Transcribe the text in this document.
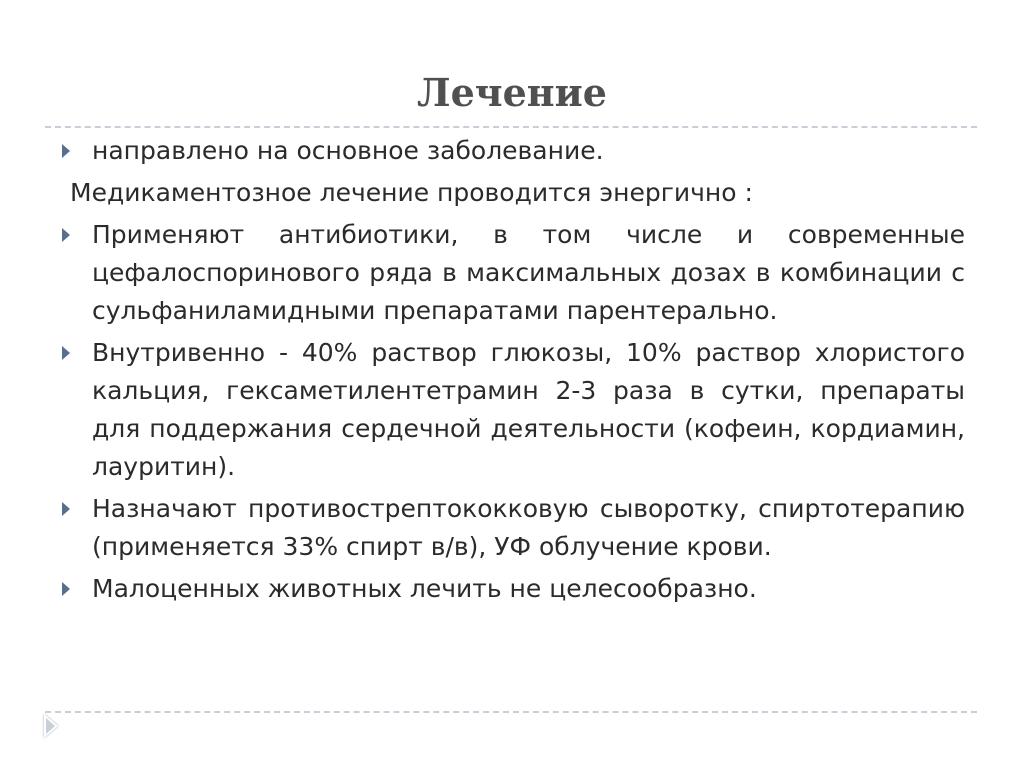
Лечение
направлено на основное заболевание.
Медикаментозное лечение проводится энергично :
Применяют антибиотики, в том числе и современные цефалоспоринового ряда в максимальных дозах в комбинации с сульфаниламидными препаратами парентерально.
Внутривенно - 40% раствор глюкозы, 10% раствор хлористого кальция, гексаметилентетрамин 2-3 раза в сутки, препараты для поддержания сердечной деятельности (кофеин, кордиамин, лауритин).
Назначают противострептококковую сыворотку, спиртотерапию (применяется 33% спирт в/в), УФ облучение крови.
Малоценных животных лечить не целесообразно.
